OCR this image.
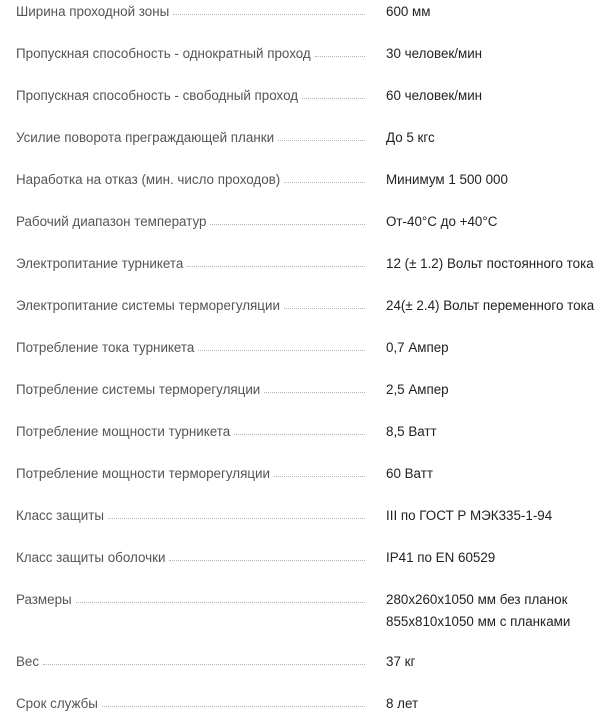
Ширина проходной зоны	600 мм
Пропускная способность - однократный проход	30 человек/мин
Пропускная способность - свободный проход	60 человек/мин
Усилие поворота преграждающей планки	До 5 кгс
Наработка на отказ (мин. число проходов)	Минимум 1 500 000
Рабочий диапазон температур	От-40°С до +40°С
Электропитание турникета	12 (± 1.2) Вольт постоянного тока
Электропитание системы терморегуляции	24(± 2.4) Вольт переменного тока
Потребление тока турникета	0,7 Ампер
Потребление системы терморегуляции	2,5 Ампер
Потребление мощности турникета	8,5 Ватт
Потребление мощности терморегуляции	60 Ватт
Класс защиты	III по ГОСТ Р МЭК335-1-94
Класс защиты оболочки	IP41 по EN 60529
Размеры	280х260х1050 мм без планок
855х810х1050 мм с планками
Вес	37 кг
Срок службы	8 лет
